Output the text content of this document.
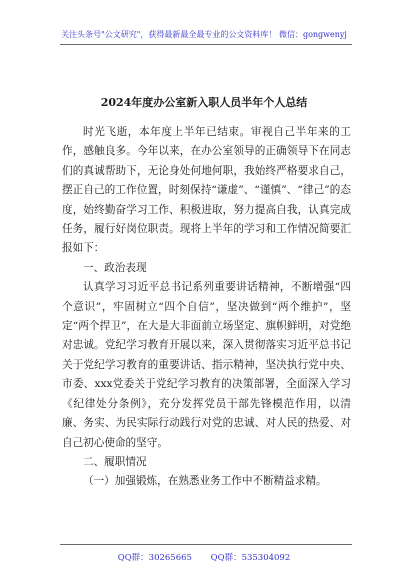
关注头条号"公文研究"，获得最新最全最专业的公文资料库！ 微信：gongwenyj
2024年度办公室新入职人员半年个人总结

时光飞逝，本年度上半年已结束。审视自己半年来的工作，感触良多。今年以来，在办公室领导的正确领导下在同志们的真诚帮助下，无论身处何地何职，我始终严格要求自己，摆正自己的工作位置，时刻保持“谦虚”、“谨慎”、“律己”的态度，始终勤奋学习工作、积极进取，努力提高自我，认真完成任务，履行好岗位职责。现将上半年的学习和工作情况简要汇报如下：

一、政治表现

认真学习习近平总书记系列重要讲话精神，不断增强“四个意识”，牢固树立“四个自信”，坚决做到“两个维护”，坚定“两个捍卫”，在大是大非面前立场坚定、旗帜鲜明，对党绝对忠诚。党纪学习教育开展以来，深入贯彻落实习近平总书记关于党纪学习教育的重要讲话、指示精神，坚决执行党中央、市委、xxx党委关于党纪学习教育的决策部署，全面深入学习《纪律处分条例》，充分发挥党员干部先锋模范作用，以清廉、务实、为民实际行动践行对党的忠诚、对人民的热爱、对自己初心使命的坚守。

二、履职情况

（一）加强锻炼，在熟悉业务工作中不断精益求精。

QQ群：30265665 QQ群：535304092
